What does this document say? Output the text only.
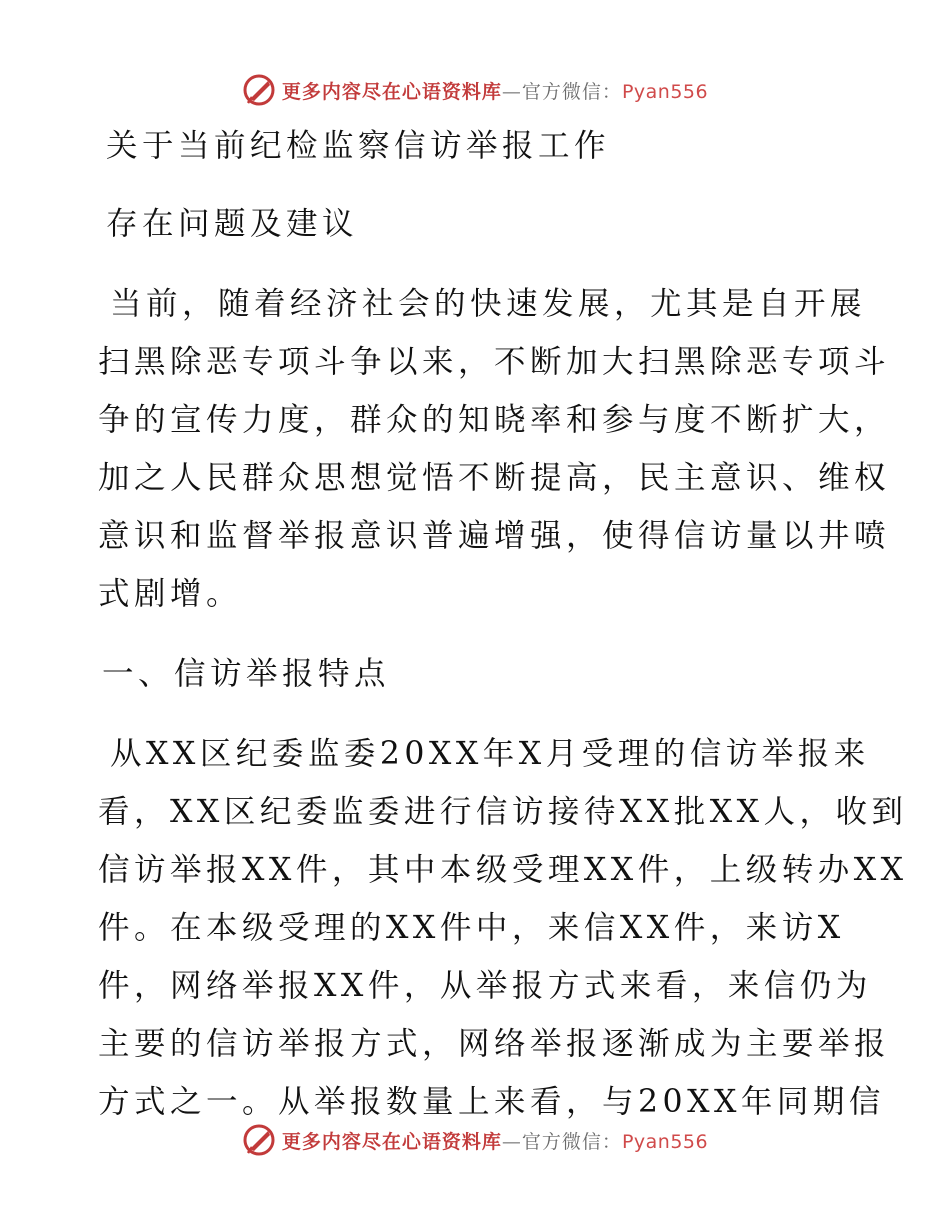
更多内容尽在心语资料库—官方微信：Pyan556
关于当前纪检监察信访举报工作
存在问题及建议
当前，随着经济社会的快速发展，尤其是自开展
扫黑除恶专项斗争以来，不断加大扫黑除恶专项斗
争的宣传力度，群众的知晓率和参与度不断扩大，
加之人民群众思想觉悟不断提高，民主意识、维权
意识和监督举报意识普遍增强，使得信访量以井喷
式剧增。
一、信访举报特点
从XX区纪委监委20XX年X月受理的信访举报来
看，XX区纪委监委进行信访接待XX批XX人，收到
信访举报XX件，其中本级受理XX件，上级转办XX
件。在本级受理的XX件中，来信XX件，来访X
件，网络举报XX件，从举报方式来看，来信仍为
主要的信访举报方式，网络举报逐渐成为主要举报
方式之一。从举报数量上来看，与20XX年同期信
更多内容尽在心语资料库—官方微信：Pyan556
